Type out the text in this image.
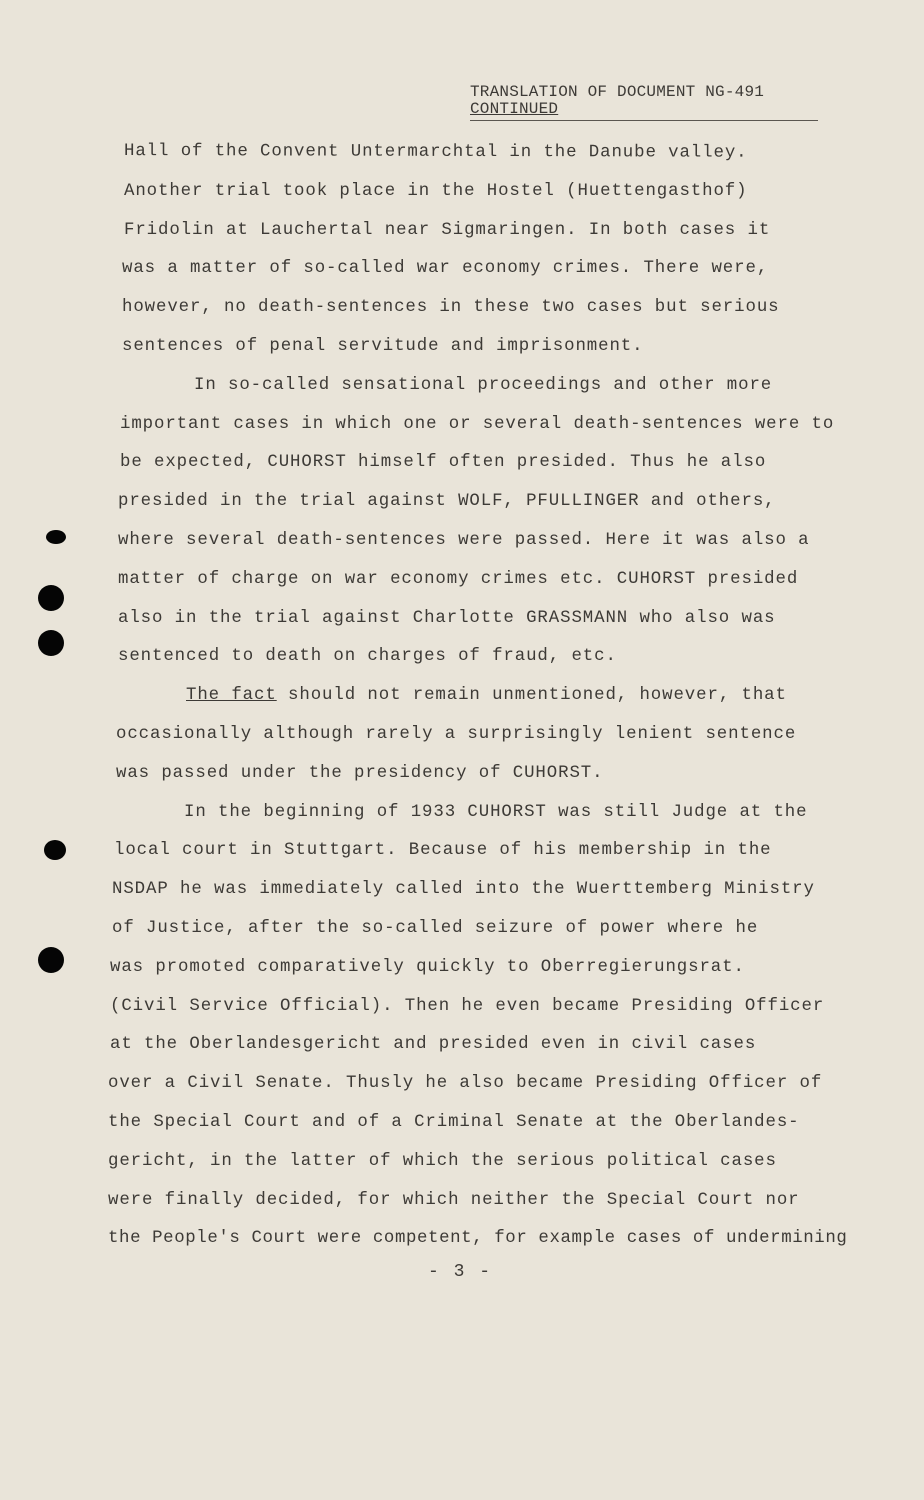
TRANSLATION OF DOCUMENT NG-491
CONTINUED
Hall of the Convent Untermarchtal in the Danube valley.
Another trial took place in the Hostel (Huettengasthof)
Fridolin at Lauchertal near Sigmaringen. In both cases it
was a matter of so-called war economy crimes. There were,
however, no death-sentences in these two cases but serious
sentences of penal servitude and imprisonment.
In so-called sensational proceedings and other more
important cases in which one or several death-sentences were to
be expected, CUHORST himself often presided. Thus he also
presided in the trial against WOLF, PFULLINGER and others,
where several death-sentences were passed. Here it was also a
matter of charge on war economy crimes etc. CUHORST presided
also in the trial against Charlotte GRASSMANN who also was
sentenced to death on charges of fraud, etc.
The fact should not remain unmentioned, however, that
occasionally although rarely a surprisingly lenient sentence
was passed under the presidency of CUHORST.
In the beginning of 1933 CUHORST was still Judge at the
local court in Stuttgart. Because of his membership in the
NSDAP he was immediately called into the Wuerttemberg Ministry
of Justice, after the so-called seizure of power where he
was promoted comparatively quickly to Oberregierungsrat.
(Civil Service Official). Then he even became Presiding Officer
at the Oberlandesgericht and presided even in civil cases
over a Civil Senate. Thusly he also became Presiding Officer of
the Special Court and of a Criminal Senate at the Oberlandes-
gericht, in the latter of which the serious political cases
were finally decided, for which neither the Special Court nor
the People's Court were competent, for example cases of undermining
- 3 -
